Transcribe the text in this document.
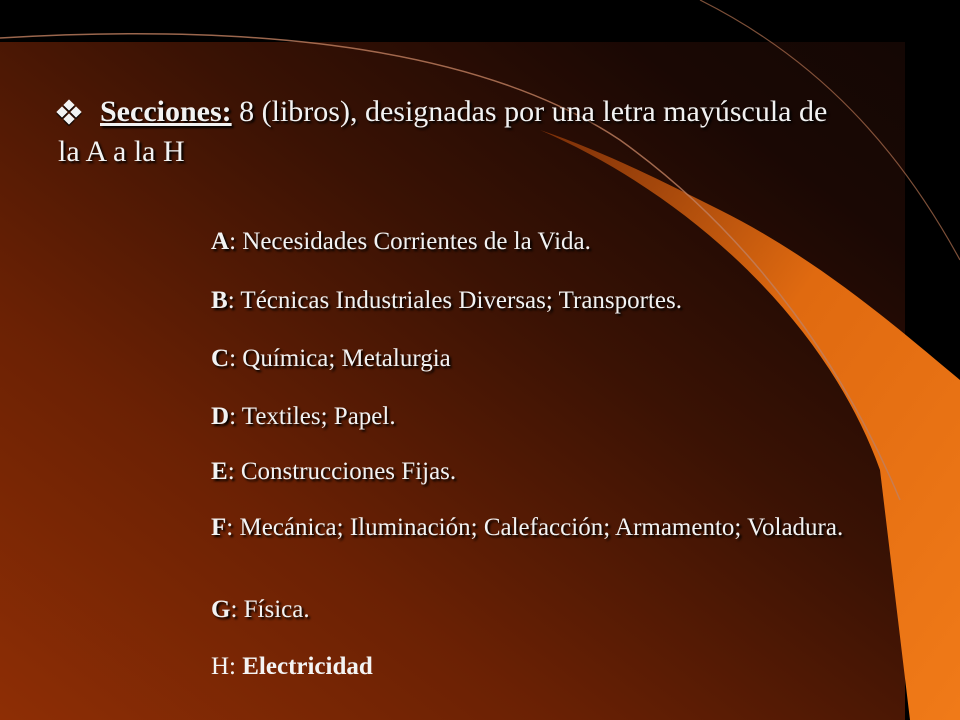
Secciones: 8 (libros), designadas por una letra mayúscula de la A a la H
A: Necesidades Corrientes de la Vida.
B: Técnicas Industriales Diversas; Transportes.
C: Química; Metalurgia
D: Textiles; Papel.
E: Construcciones Fijas.
F: Mecánica; Iluminación; Calefacción; Armamento; Voladura.
G: Física.
H: Electricidad
